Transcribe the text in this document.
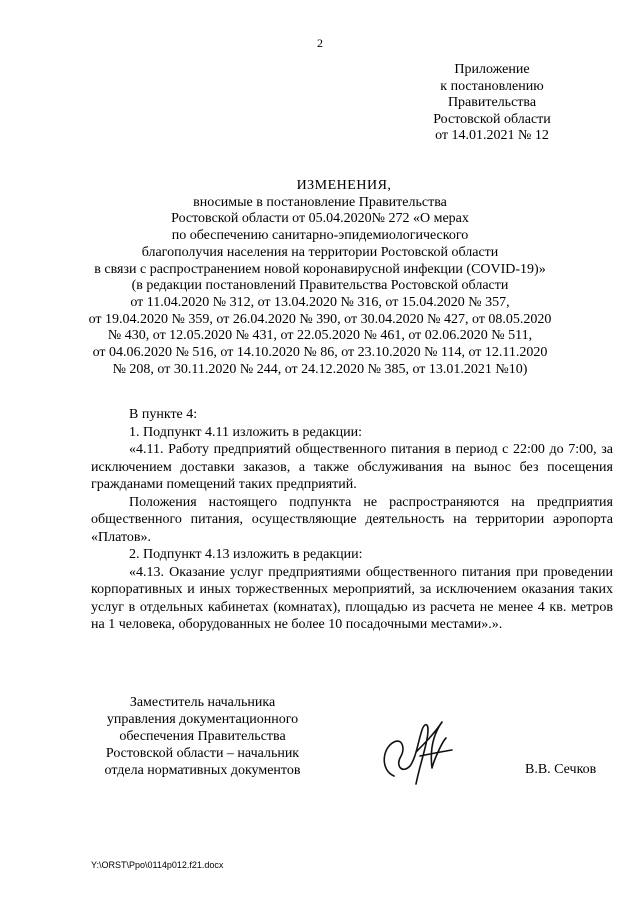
2
Приложение
к постановлению
Правительства
Ростовской области
от 14.01.2021 № 12
ИЗМЕНЕНИЯ,
вносимые в постановление Правительства
Ростовской области от 05.04.2020№ 272 «О мерах
по обеспечению санитарно-эпидемиологического
благополучия населения на территории Ростовской области
в связи с распространением новой коронавирусной инфекции (COVID-19)»
(в редакции постановлений Правительства Ростовской области
от 11.04.2020 № 312, от 13.04.2020 № 316, от 15.04.2020 № 357,
от 19.04.2020 № 359, от 26.04.2020 № 390, от 30.04.2020 № 427, от 08.05.2020
№ 430, от 12.05.2020 № 431, от 22.05.2020 № 461, от 02.06.2020 № 511,
от 04.06.2020 № 516, от 14.10.2020 № 86, от 23.10.2020 № 114, от 12.11.2020
№ 208, от 30.11.2020 № 244, от 24.12.2020 № 385, от 13.01.2021 №10)

В пункте 4:

1. Подпункт 4.11 изложить в редакции:

«4.11. Работу предприятий общественного питания в период с 22:00 до 7:00, за исключением доставки заказов, а также обслуживания на вынос без посещения гражданами помещений таких предприятий.

Положения настоящего подпункта не распространяются на предприятия общественного питания, осуществляющие деятельность на территории аэропорта «Платов».

2. Подпункт 4.13 изложить в редакции:

«4.13. Оказание услуг предприятиями общественного питания при проведении корпоративных и иных торжественных мероприятий, за исключением оказания таких услуг в отдельных кабинетах (комнатах), площадью из расчета не менее 4 кв. метров на 1 человека, оборудованных не более 10 посадочными местами».».

Заместитель начальника
управления документационного
обеспечения Правительства
Ростовской области – начальник
отдела нормативных документов	В.В. Сечков
Y:\ORST\Ppo\0114p012.f21.docx
